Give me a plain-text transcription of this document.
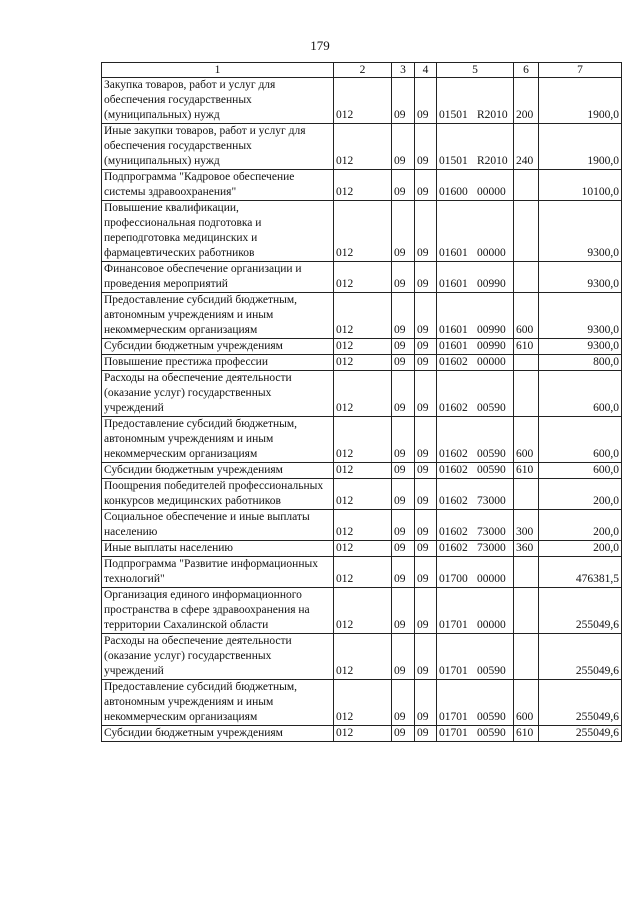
179
1	2	3	4	5	6	7
Закупка товаров, работ и услуг для обеспечения государственных (муниципальных) нужд	012	09	09	01501 R2010	200	1900,0
Иные закупки товаров, работ и услуг для обеспечения государственных (муниципальных) нужд	012	09	09	01501 R2010	240	1900,0
Подпрограмма "Кадровое обеспечение системы здравоохранения"	012	09	09	01600 00000		10100,0
Повышение квалификации, профессиональная подготовка и переподготовка медицинских и фармацевтических работников	012	09	09	01601 00000		9300,0
Финансовое обеспечение организации и проведения мероприятий	012	09	09	01601 00990		9300,0
Предоставление субсидий бюджетным, автономным учреждениям и иным некоммерческим организациям	012	09	09	01601 00990	600	9300,0
Субсидии бюджетным учреждениям	012	09	09	01601 00990	610	9300,0
Повышение престижа профессии	012	09	09	01602 00000		800,0
Расходы на обеспечение деятельности (оказание услуг) государственных учреждений	012	09	09	01602 00590		600,0
Предоставление субсидий бюджетным, автономным учреждениям и иным некоммерческим организациям	012	09	09	01602 00590	600	600,0
Субсидии бюджетным учреждениям	012	09	09	01602 00590	610	600,0
Поощрения победителей профессиональных конкурсов медицинских работников	012	09	09	01602 73000		200,0
Социальное обеспечение и иные выплаты населению	012	09	09	01602 73000	300	200,0
Иные выплаты населению	012	09	09	01602 73000	360	200,0
Подпрограмма "Развитие информационных технологий"	012	09	09	01700 00000		476381,5
Организация единого информационного пространства в сфере здравоохранения на территории Сахалинской области	012	09	09	01701 00000		255049,6
Расходы на обеспечение деятельности (оказание услуг) государственных учреждений	012	09	09	01701 00590		255049,6
Предоставление субсидий бюджетным, автономным учреждениям и иным некоммерческим организациям	012	09	09	01701 00590	600	255049,6
Субсидии бюджетным учреждениям	012	09	09	01701 00590	610	255049,6
